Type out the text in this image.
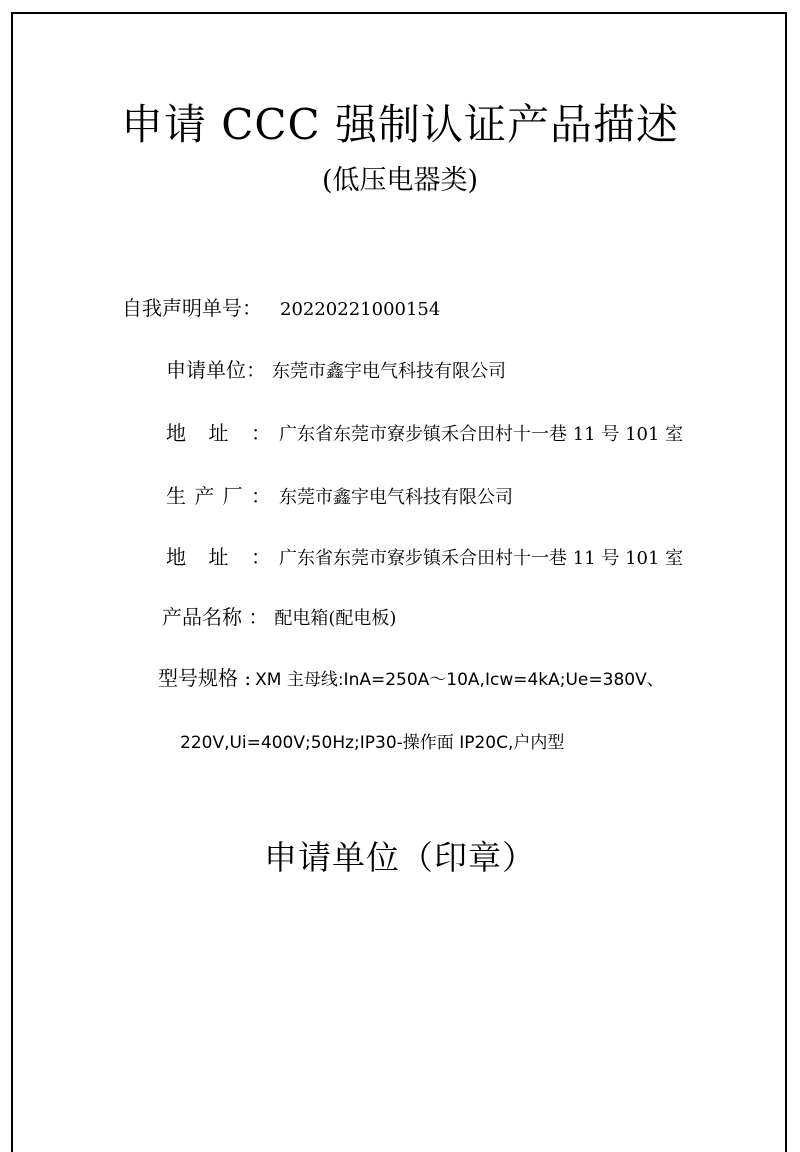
申请 CCC 强制认证产品描述
(低压电器类)
自我声明单号： 20220221000154
申请单位： 东莞市鑫宇电气科技有限公司
地 址 ： 广东省东莞市寮步镇禾合田村十一巷 11 号 101 室
生 产 厂 ： 东莞市鑫宇电气科技有限公司
地 址 ： 广东省东莞市寮步镇禾合田村十一巷 11 号 101 室
产品名称 ： 配电箱(配电板)
型号规格 : XM 主母线:InA=250A～10A,Icw=4kA;Ue=380V、
220V,Ui=400V;50Hz;IP30-操作面 IP20C,户内型
申请单位（印章）
